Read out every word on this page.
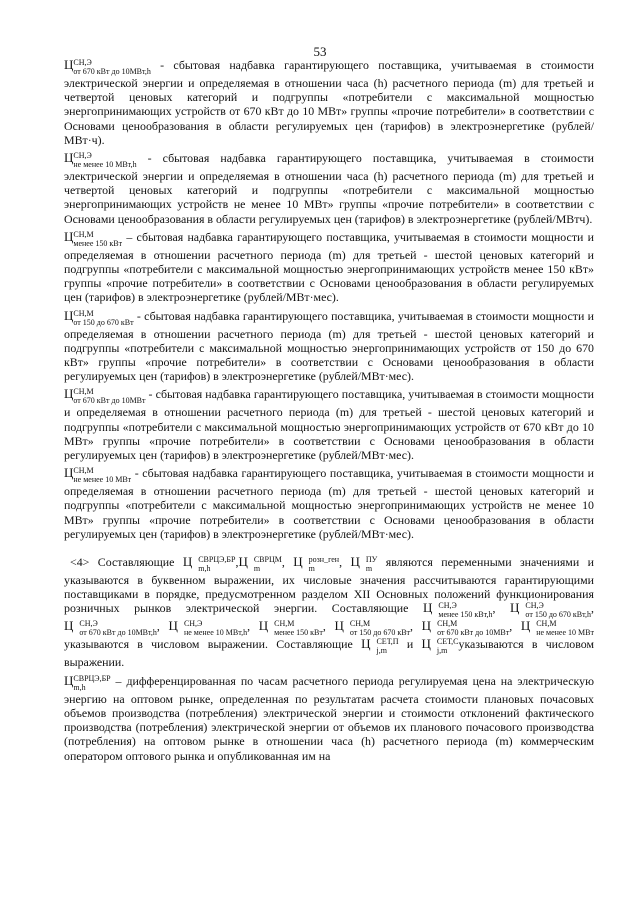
53

Ц СН,Э
от 670 кВт до 10МВт,h - сбытовая надбавка гарантирующего поставщика, учитываемая в стоимости электрической энергии и определяемая в отношении часа (h) расчетного периода (m) для третьей и четвертой ценовых категорий и подгруппы «потребители с максимальной мощностью энергопринимающих устройств от 670 кВт до 10 МВт» группы «прочие потребители» в соответствии с Основами ценообразования в области регулируемых цен (тарифов) в электроэнергетике (рублей/МВт·ч).

Ц СН,Э
не менее 10 МВт,h - сбытовая надбавка гарантирующего поставщика, учитываемая в стоимости электрической энергии и определяемая в отношении часа (h) расчетного периода (m) для третьей и четвертой ценовых категорий и подгруппы «потребители с максимальной мощностью энергопринимающих устройств не менее 10 МВт» группы «прочие потребители» в соответствии с Основами ценообразования в области регулируемых цен (тарифов) в электроэнергетике (рублей/МВтч).

Ц СН,М
менее 150 кВт – сбытовая надбавка гарантирующего поставщика, учитываемая в стоимости мощности и определяемая в отношении расчетного периода (m) для третьей - шестой ценовых категорий и подгруппы «потребители с максимальной мощностью энергопринимающих устройств менее 150 кВт» группы «прочие потребители» в соответствии с Основами ценообразования в области регулируемых цен (тарифов) в электроэнергетике (рублей/МВт·мес).

Ц СН,М
от 150 до 670 кВт - сбытовая надбавка гарантирующего поставщика, учитываемая в стоимости мощности и определяемая в отношении расчетного периода (m) для третьей - шестой ценовых категорий и подгруппы «потребители с максимальной мощностью энергопринимающих устройств от 150 до 670 кВт» группы «прочие потребители» в соответствии с Основами ценообразования в области регулируемых цен (тарифов) в электроэнергетике (рублей/МВт·мес).

Ц СН,М
от 670 кВт до 10МВт - сбытовая надбавка гарантирующего поставщика, учитываемая в стоимости мощности и определяемая в отношении расчетного периода (m) для третьей - шестой ценовых категорий и подгруппы «потребители с максимальной мощностью энергопринимающих устройств от 670 кВт до 10 МВт» группы «прочие потребители» в соответствии с Основами ценообразования в области регулируемых цен (тарифов) в электроэнергетике (рублей/МВт·мес).

Ц СН,М
не менее 10 МВт - сбытовая надбавка гарантирующего поставщика, учитываемая в стоимости мощности и определяемая в отношении расчетного периода (m) для третьей - шестой ценовых категорий и подгруппы «потребители с максимальной мощностью энергопринимающих устройств не менее 10 МВт» группы «прочие потребители» в соответствии с Основами ценообразования в области регулируемых цен (тарифов) в электроэнергетике (рублей/МВт·мес).

<4> Составляющие Ц СВРЦЭ,БР
m,h	,Ц СВРЦМ
m	, Ц розн_ген
m	, Ц ПУ
m	являются переменными значениями и указываются в буквенном выражении, их числовые значения рассчитываются гарантирующими поставщиками в порядке, предусмотренном разделом XII Основных положений функционирования розничных рынков электрической энергии. Составляющие Ц СН,Э
менее 150 кВт,h , Ц СН,Э
от 150 до 670 кВт,h , Ц СН,Э
от 670 кВт до 10МВт,h , Ц СН,Э
не менее 10 МВт,h , Ц СН,М
менее 150 кВт , Ц СН,М
от 150 до 670 кВт , Ц СН,М
от 670 кВт до 10МВт , Ц СН,М
не менее 10 МВт
указываются в числовом выражении. Составляющие Ц СЕТ,П
j,m	и Ц СЕТ,С
j,m указываются в числовом выражении.

Ц СВРЦЭ,БР
m,h	– дифференцированная по часам расчетного периода регулируемая цена на электрическую энергию на оптовом рынке, определенная по результатам расчета стоимости плановых почасовых объемов производства (потребления) электрической энергии и стоимости отклонений фактического производства (потребления) электрической энергии от объемов их планового почасового производства (потребления) на оптовом рынке в отношении часа (h) расчетного периода (m) коммерческим оператором оптового рынка и опубликованная им на
